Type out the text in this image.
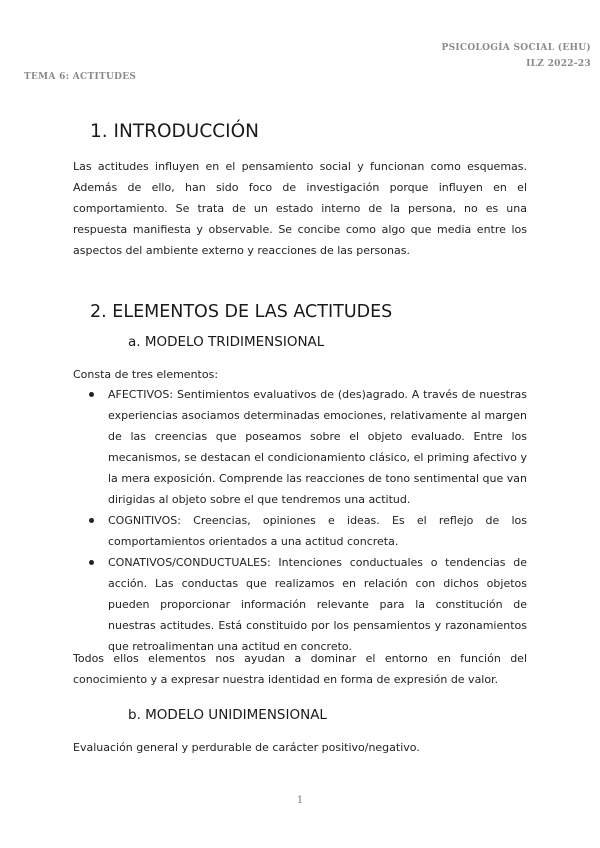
PSICOLOGÍA SOCIAL (EHU)
ILZ 2022-23
TEMA 6: ACTITUDES
1. INTRODUCCIÓN
Las actitudes influyen en el pensamiento social y funcionan como esquemas. Además de ello, han sido foco de investigación porque influyen en el comportamiento. Se trata de un estado interno de la persona, no es una respuesta manifiesta y observable. Se concibe como algo que media entre los aspectos del ambiente externo y reacciones de las personas.
2. ELEMENTOS DE LAS ACTITUDES
a. MODELO TRIDIMENSIONAL
Consta de tres elementos:
AFECTIVOS: Sentimientos evaluativos de (des)agrado. A través de nuestras experiencias asociamos determinadas emociones, relativamente al margen de las creencias que poseamos sobre el objeto evaluado. Entre los mecanismos, se destacan el condicionamiento clásico, el priming afectivo y la mera exposición. Comprende las reacciones de tono sentimental que van dirigidas al objeto sobre el que tendremos una actitud.
COGNITIVOS: Creencias, opiniones e ideas. Es el reflejo de los comportamientos orientados a una actitud concreta.
CONATIVOS/CONDUCTUALES: Intenciones conductuales o tendencias de acción. Las conductas que realizamos en relación con dichos objetos pueden proporcionar información relevante para la constitución de nuestras actitudes. Está constituido por los pensamientos y razonamientos que retroalimentan una actitud en concreto.
Todos ellos elementos nos ayudan a dominar el entorno en función del conocimiento y a expresar nuestra identidad en forma de expresión de valor.
b. MODELO UNIDIMENSIONAL
Evaluación general y perdurable de carácter positivo/negativo.
1
